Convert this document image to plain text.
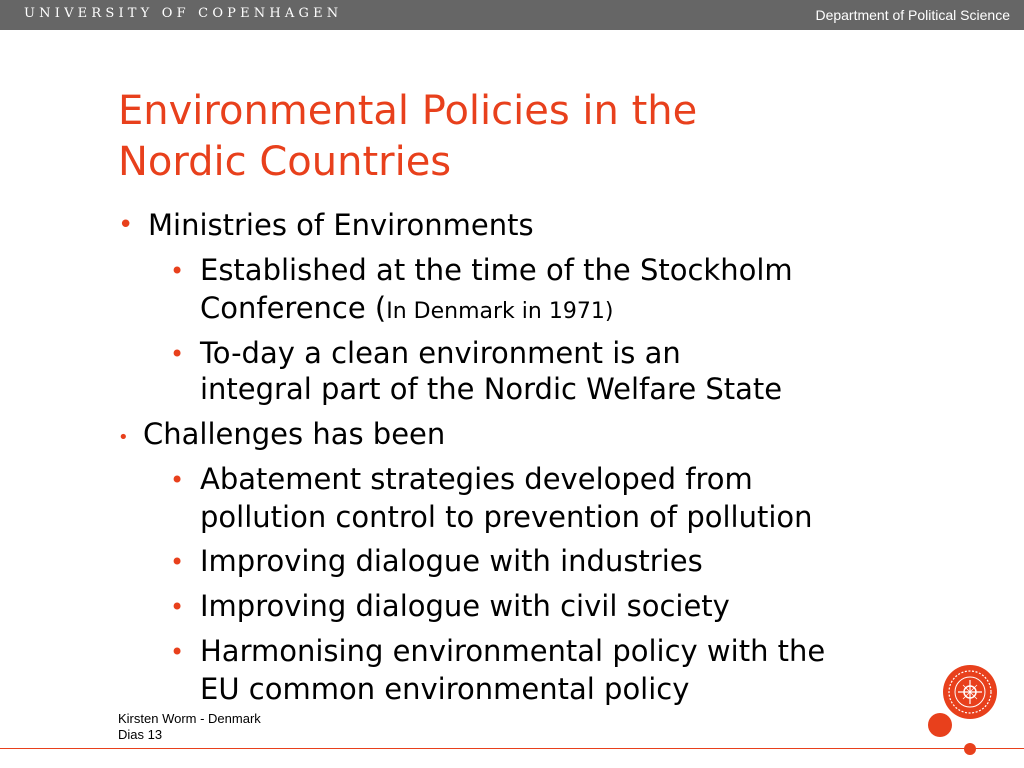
UNIVERSITY OF COPENHAGEN	Department of Political Science
Environmental Policies in the
Nordic Countries
• Ministries of Environments
• Established at the time of the Stockholm
Conference (In Denmark in 1971)
• To-day a clean environment is an
integral part of the Nordic Welfare State
• Challenges has been
• Abatement strategies developed from
pollution control to prevention of pollution
• Improving dialogue with industries
• Improving dialogue with civil society
• Harmonising environmental policy with the
EU common environmental policy
Kirsten Worm - Denmark
Dias 13
